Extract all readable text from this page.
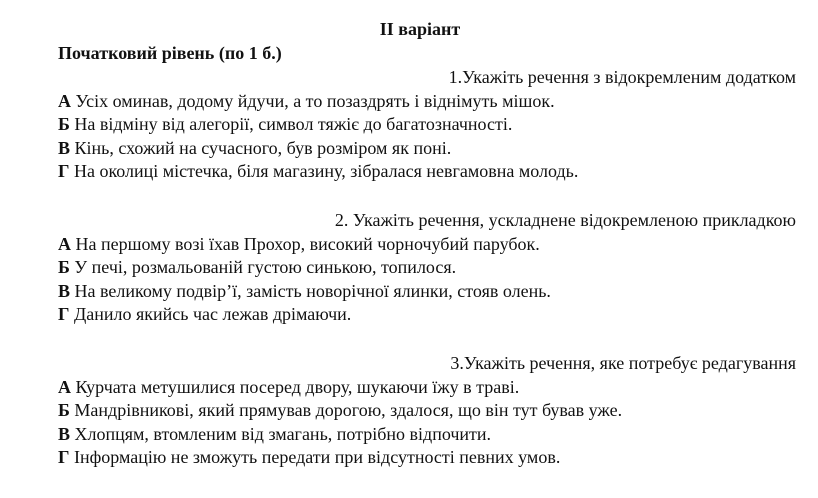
II варіант
Початковий рівень (по 1 б.)
1.Укажіть речення з відокремленим додатком
А Усіх оминав, додому йдучи, а то позаздрять і віднімуть мішок.
Б На відміну від алегорії, символ тяжіє до багатозначності.
В Кінь, схожий на сучасного, був розміром як поні.
Г На околиці містечка, біля магазину, зібралася невгамовна молодь.
2. Укажіть речення, ускладнене відокремленою прикладкою
А На першому возі їхав Прохор, високий чорночубий парубок.
Б У печі, розмальованій густою синькою, топилося.
В На великому подвір’ї, замість новорічної ялинки, стояв олень.
Г Данило якийсь час лежав дрімаючи.
3.Укажіть речення, яке потребує редагування
А Курчата метушилися посеред двору, шукаючи їжу в траві.
Б Мандрівникові, який прямував дорогою, здалося, що він тут бував уже.
В Хлопцям, втомленим від змагань, потрібно відпочити.
Г Інформацію не зможуть передати при відсутності певних умов.
